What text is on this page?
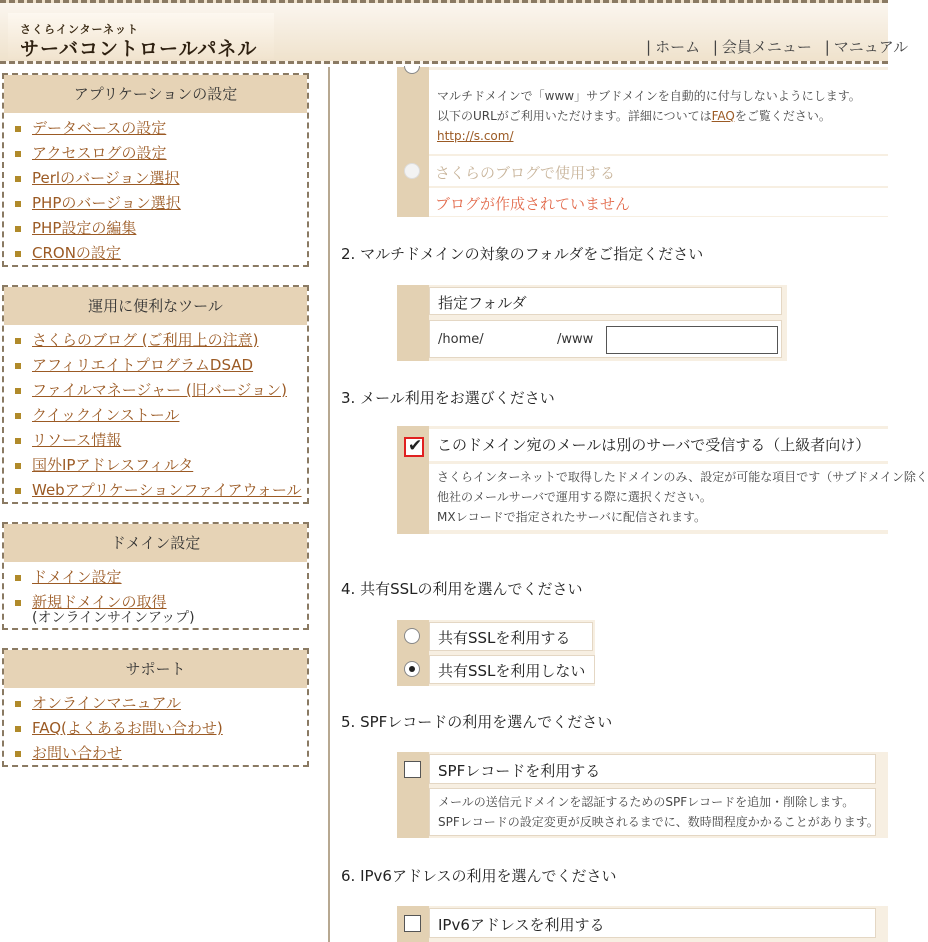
さくらインターネット
サーバコントロールパネル	| ホーム | 会員メニュー | マニュアル
アプリケーションの設定
データベースの設定
アクセスログの設定
Perlのバージョン選択
PHPのバージョン選択
PHP設定の編集
CRONの設定
運用に便利なツール
さくらのブログ (ご利用上の注意)
アフィリエイトプログラムDSAD
ファイルマネージャー (旧バージョン)
クイックインストール
リソース情報
国外IPアドレスフィルタ
Webアプリケーションファイアウォール
ドメイン設定
ドメイン設定
新規ドメインの取得
(オンラインサインアップ)
サポート
オンラインマニュアル
FAQ(よくあるお問い合わせ)
お問い合わせ
マルチドメインで「www」サブドメインを自動的に付与しないようにします。
以下のURLがご利用いただけます。詳細についてはFAQをご覧ください。
http://s.com/
さくらのブログで使用する
ブログが作成されていません
2. マルチドメインの対象のフォルダをご指定ください
指定フォルダ
/home/	/www
3. メール利用をお選びください
✔ このドメイン宛のメールは別のサーバで受信する（上級者向け）
さくらインターネットで取得したドメインのみ、設定が可能な項目です（サブドメイン除く
他社のメールサーバで運用する際に選択ください。
MXレコードで指定されたサーバに配信されます。
4. 共有SSLの利用を選んでください
共有SSLを利用する
共有SSLを利用しない
5. SPFレコードの利用を選んでください
SPFレコードを利用する
メールの送信元ドメインを認証するためのSPFレコードを追加・削除します。
SPFレコードの設定変更が反映されるまでに、数時間程度かかることがあります。
6. IPv6アドレスの利用を選んでください
IPv6アドレスを利用する
